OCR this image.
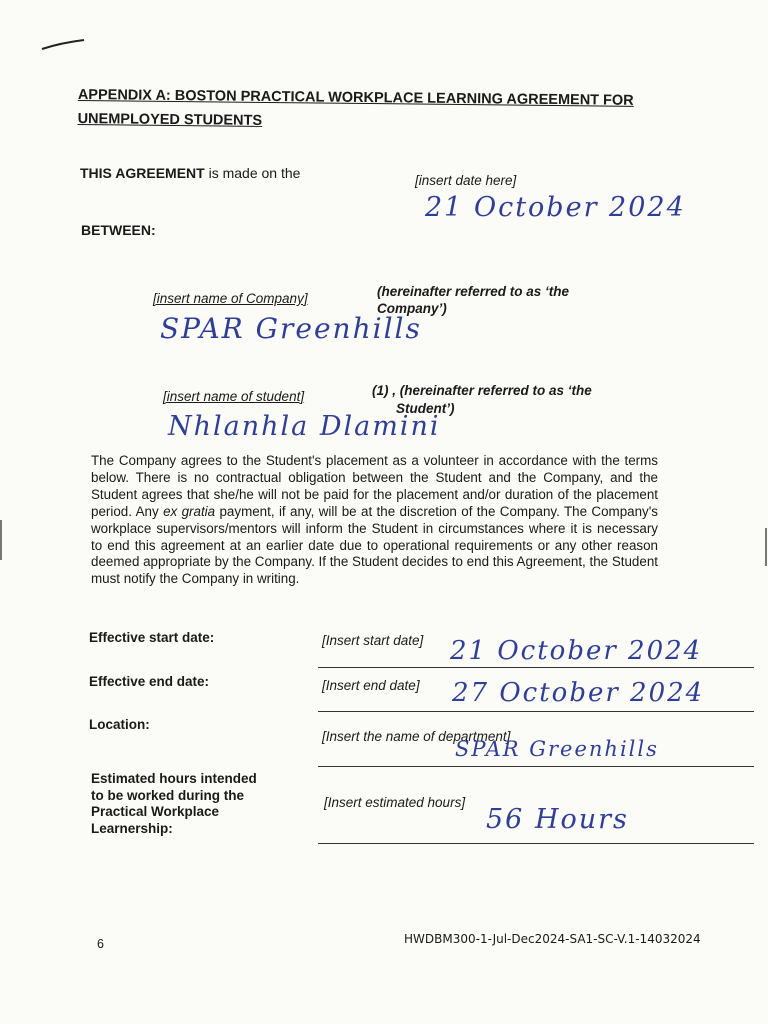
APPENDIX A: BOSTON PRACTICAL WORKPLACE LEARNING AGREEMENT FOR
UNEMPLOYED STUDENTS
THIS AGREEMENT is made on the	[insert date here]
21 October 2024
BETWEEN:
[insert name of Company]
SPAR Greenhills
(hereinafter referred to as ‘the
Company’)
[insert name of student]
Nhlanhla Dlamini
(1) , (hereinafter referred to as ‘the
Student’)
The Company agrees to the Student's placement as a volunteer in accordance with the terms below. There is no contractual obligation between the Student and the Company, and the Student agrees that she/he will not be paid for the placement and/or duration of the placement period. Any ex gratia payment, if any, will be at the discretion of the Company. The Company's workplace supervisors/mentors will inform the Student in circumstances where it is necessary to end this agreement at an earlier date due to operational requirements or any other reason deemed appropriate by the Company. If the Student decides to end this Agreement, the Student must notify the Company in writing.
Effective start date:	[Insert start date] 21 October 2024
Effective end date:	[Insert end date] 27 October 2024
Location:
[Insert the name of department]
SPAR Greenhills
Estimated hours intended
to be worked during the
Practical Workplace
Learnership:
[Insert estimated hours]
56 Hours
6	HWDBM300-1-Jul-Dec2024-SA1-SC-V.1-14032024
